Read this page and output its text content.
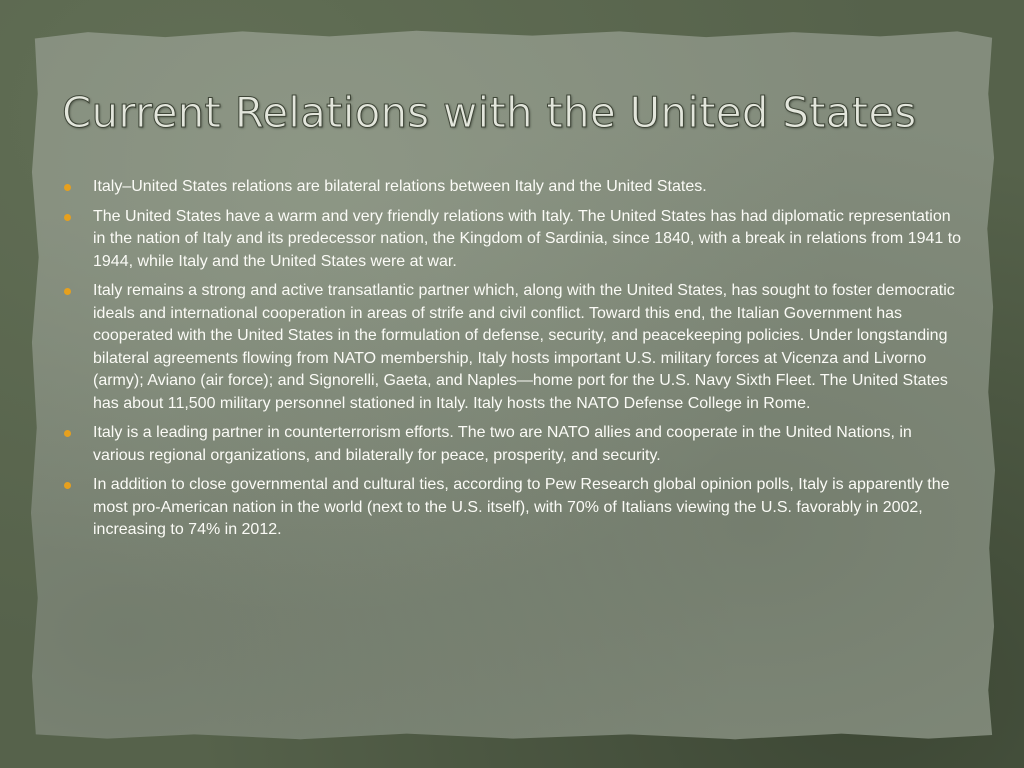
Current Relations with the United States
Italy–United States relations are bilateral relations between Italy and the United States.
The United States have a warm and very friendly relations with Italy. The United States has had diplomatic representation in the nation of Italy and its predecessor nation, the Kingdom of Sardinia, since 1840, with a break in relations from 1941 to 1944, while Italy and the United States were at war.
Italy remains a strong and active transatlantic partner which, along with the United States, has sought to foster democratic ideals and international cooperation in areas of strife and civil conflict. Toward this end, the Italian Government has cooperated with the United States in the formulation of defense, security, and peacekeeping policies. Under longstanding bilateral agreements flowing from NATO membership, Italy hosts important U.S. military forces at Vicenza and Livorno (army); Aviano (air force); and Signorelli, Gaeta, and Naples—home port for the U.S. Navy Sixth Fleet. The United States has about 11,500 military personnel stationed in Italy. Italy hosts the NATO Defense College in Rome.
Italy is a leading partner in counterterrorism efforts. The two are NATO allies and cooperate in the United Nations, in various regional organizations, and bilaterally for peace, prosperity, and security.
In addition to close governmental and cultural ties, according to Pew Research global opinion polls, Italy is apparently the most pro-American nation in the world (next to the U.S. itself), with 70% of Italians viewing the U.S. favorably in 2002, increasing to 74% in 2012.
